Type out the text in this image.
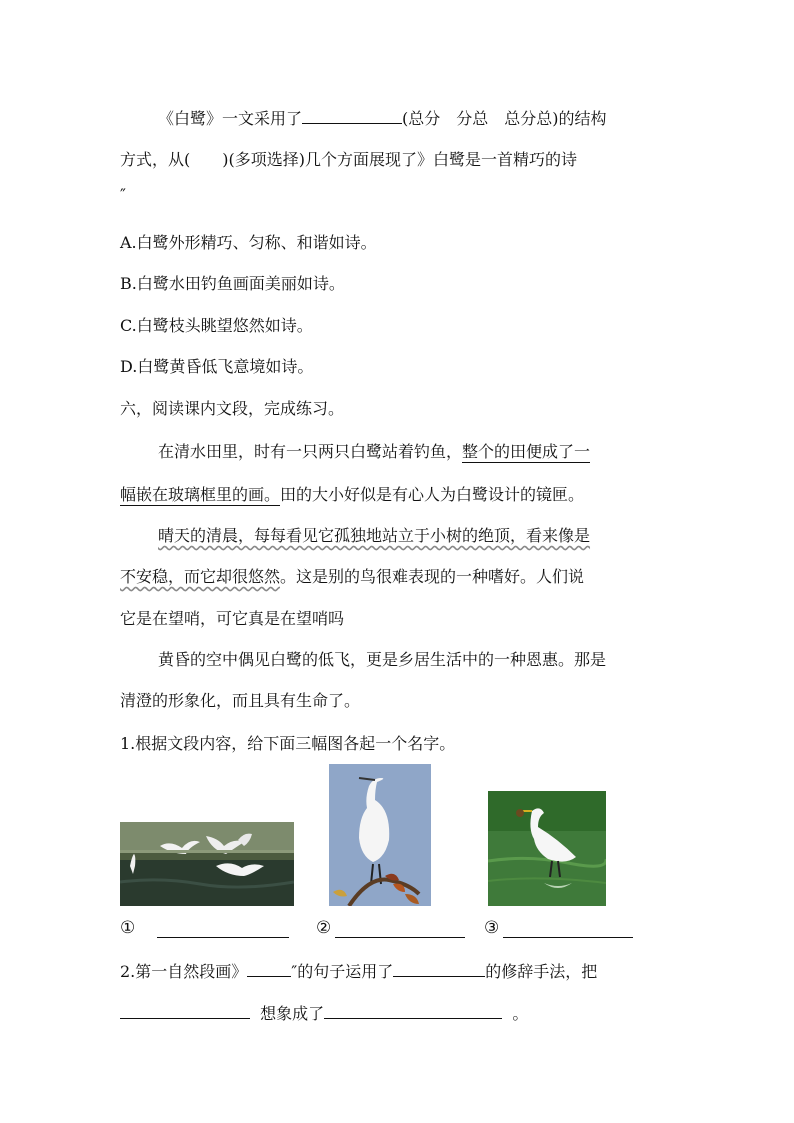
《白鹭》一文采用了	(总分　分总　总分总)的结构
方式，从(　　)(多项选择)几个方面展现了》白鹭是一首精巧的诗
″
A.白鹭外形精巧、匀称、和谐如诗。
B.白鹭水田钓鱼画面美丽如诗。
C.白鹭枝头眺望悠然如诗。
D.白鹭黄昏低飞意境如诗。
六，阅读课内文段，完成练习。
在清水田里，时有一只两只白鹭站着钓鱼，整个的田便成了一
幅嵌在玻璃框里的画。田的大小好似是有心人为白鹭设计的镜匣。
晴天的清晨，每每看见它孤独地站立于小树的绝顶，看来像是
不安稳，而它却很悠然。这是别的鸟很难表现的一种嗜好。人们说
它是在望哨，可它真是在望哨吗
黄昏的空中偶见白鹭的低飞，更是乡居生活中的一种恩惠。那是
清澄的形象化，而且具有生命了。
1.根据文段内容，给下面三幅图各起一个名字。
①	②	③
2.第一自然段画》	″的句子运用了	的修辞手法，把
想象成了	。
